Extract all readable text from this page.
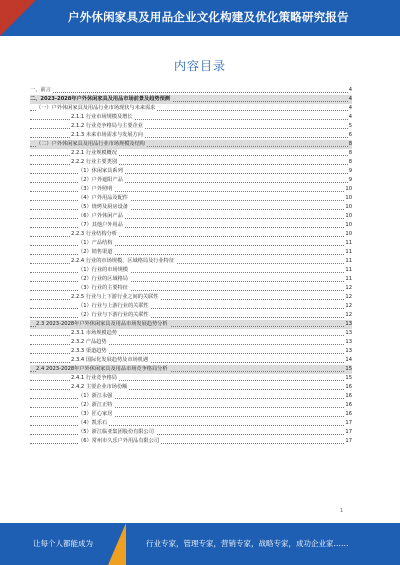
户外休闲家具及用品企业文化构建及优化策略研究报告
内容目录
一、前言	4
二、2023-2028年户外休闲家具及用品市场前景及趋势预测	4
（一）户外休闲家具及用品行业市场现状与未来需求	4
2.1.1 行业市场规模及增长	4
2.1.2 行业竞争格局与主要企业	5
2.1.3 未来市场需求与发展方向	6
（二）户外休闲家具及用品行业市场规模及结构	8
2.2.1 行业规模概况	8
2.2.2 行业主要类别	8
（1）休闲家具系列	9
（2）户外遮阳产品	9
（3）户外照明	10
（4）户外用品及配件	10
（5）烧烤及厨房设备	10
（6）户外休闲产品	10
（7）其他户外用品	10
2.2.3 行业结构分析	10
（1）产品结构	11
（2）销售渠道	11
2.2.4 行业的市场规模、区域格局及行业特征	11
（1）行业的市场规模	11
（2）行业的区域格局	11
（3）行业的主要特征	12
2.2.5 行业与上下游行业之间的关联性	12
（1）行业与上游行业的关联性	12
（2）行业与下游行业的关联性	12
2.3 2023-2028年户外休闲家具及用品市场发展趋势分析	13
2.3.1 市场规模趋势	13
2.3.2 产品趋势	13
2.3.3 渠道趋势	13
2.3.4 国际化发展趋势及市场机遇	14
2.4 2023-2028年户外休闲家具及用品市场竞争格局分析	15
2.4.1 行业竞争格局	15
2.4.2 主要企业市场份额	16
（1）浙江永强	16
（2）浙江正特	16
（3）匠心家居	16
（4）凯乐石	17
（5）浙江临亚集团股份有限公司	17
（6）常州市久乐户外用品有限公司	17
1
让每个人都能成为	行业专家，管理专家，营销专家，战略专家，成功企业家……
